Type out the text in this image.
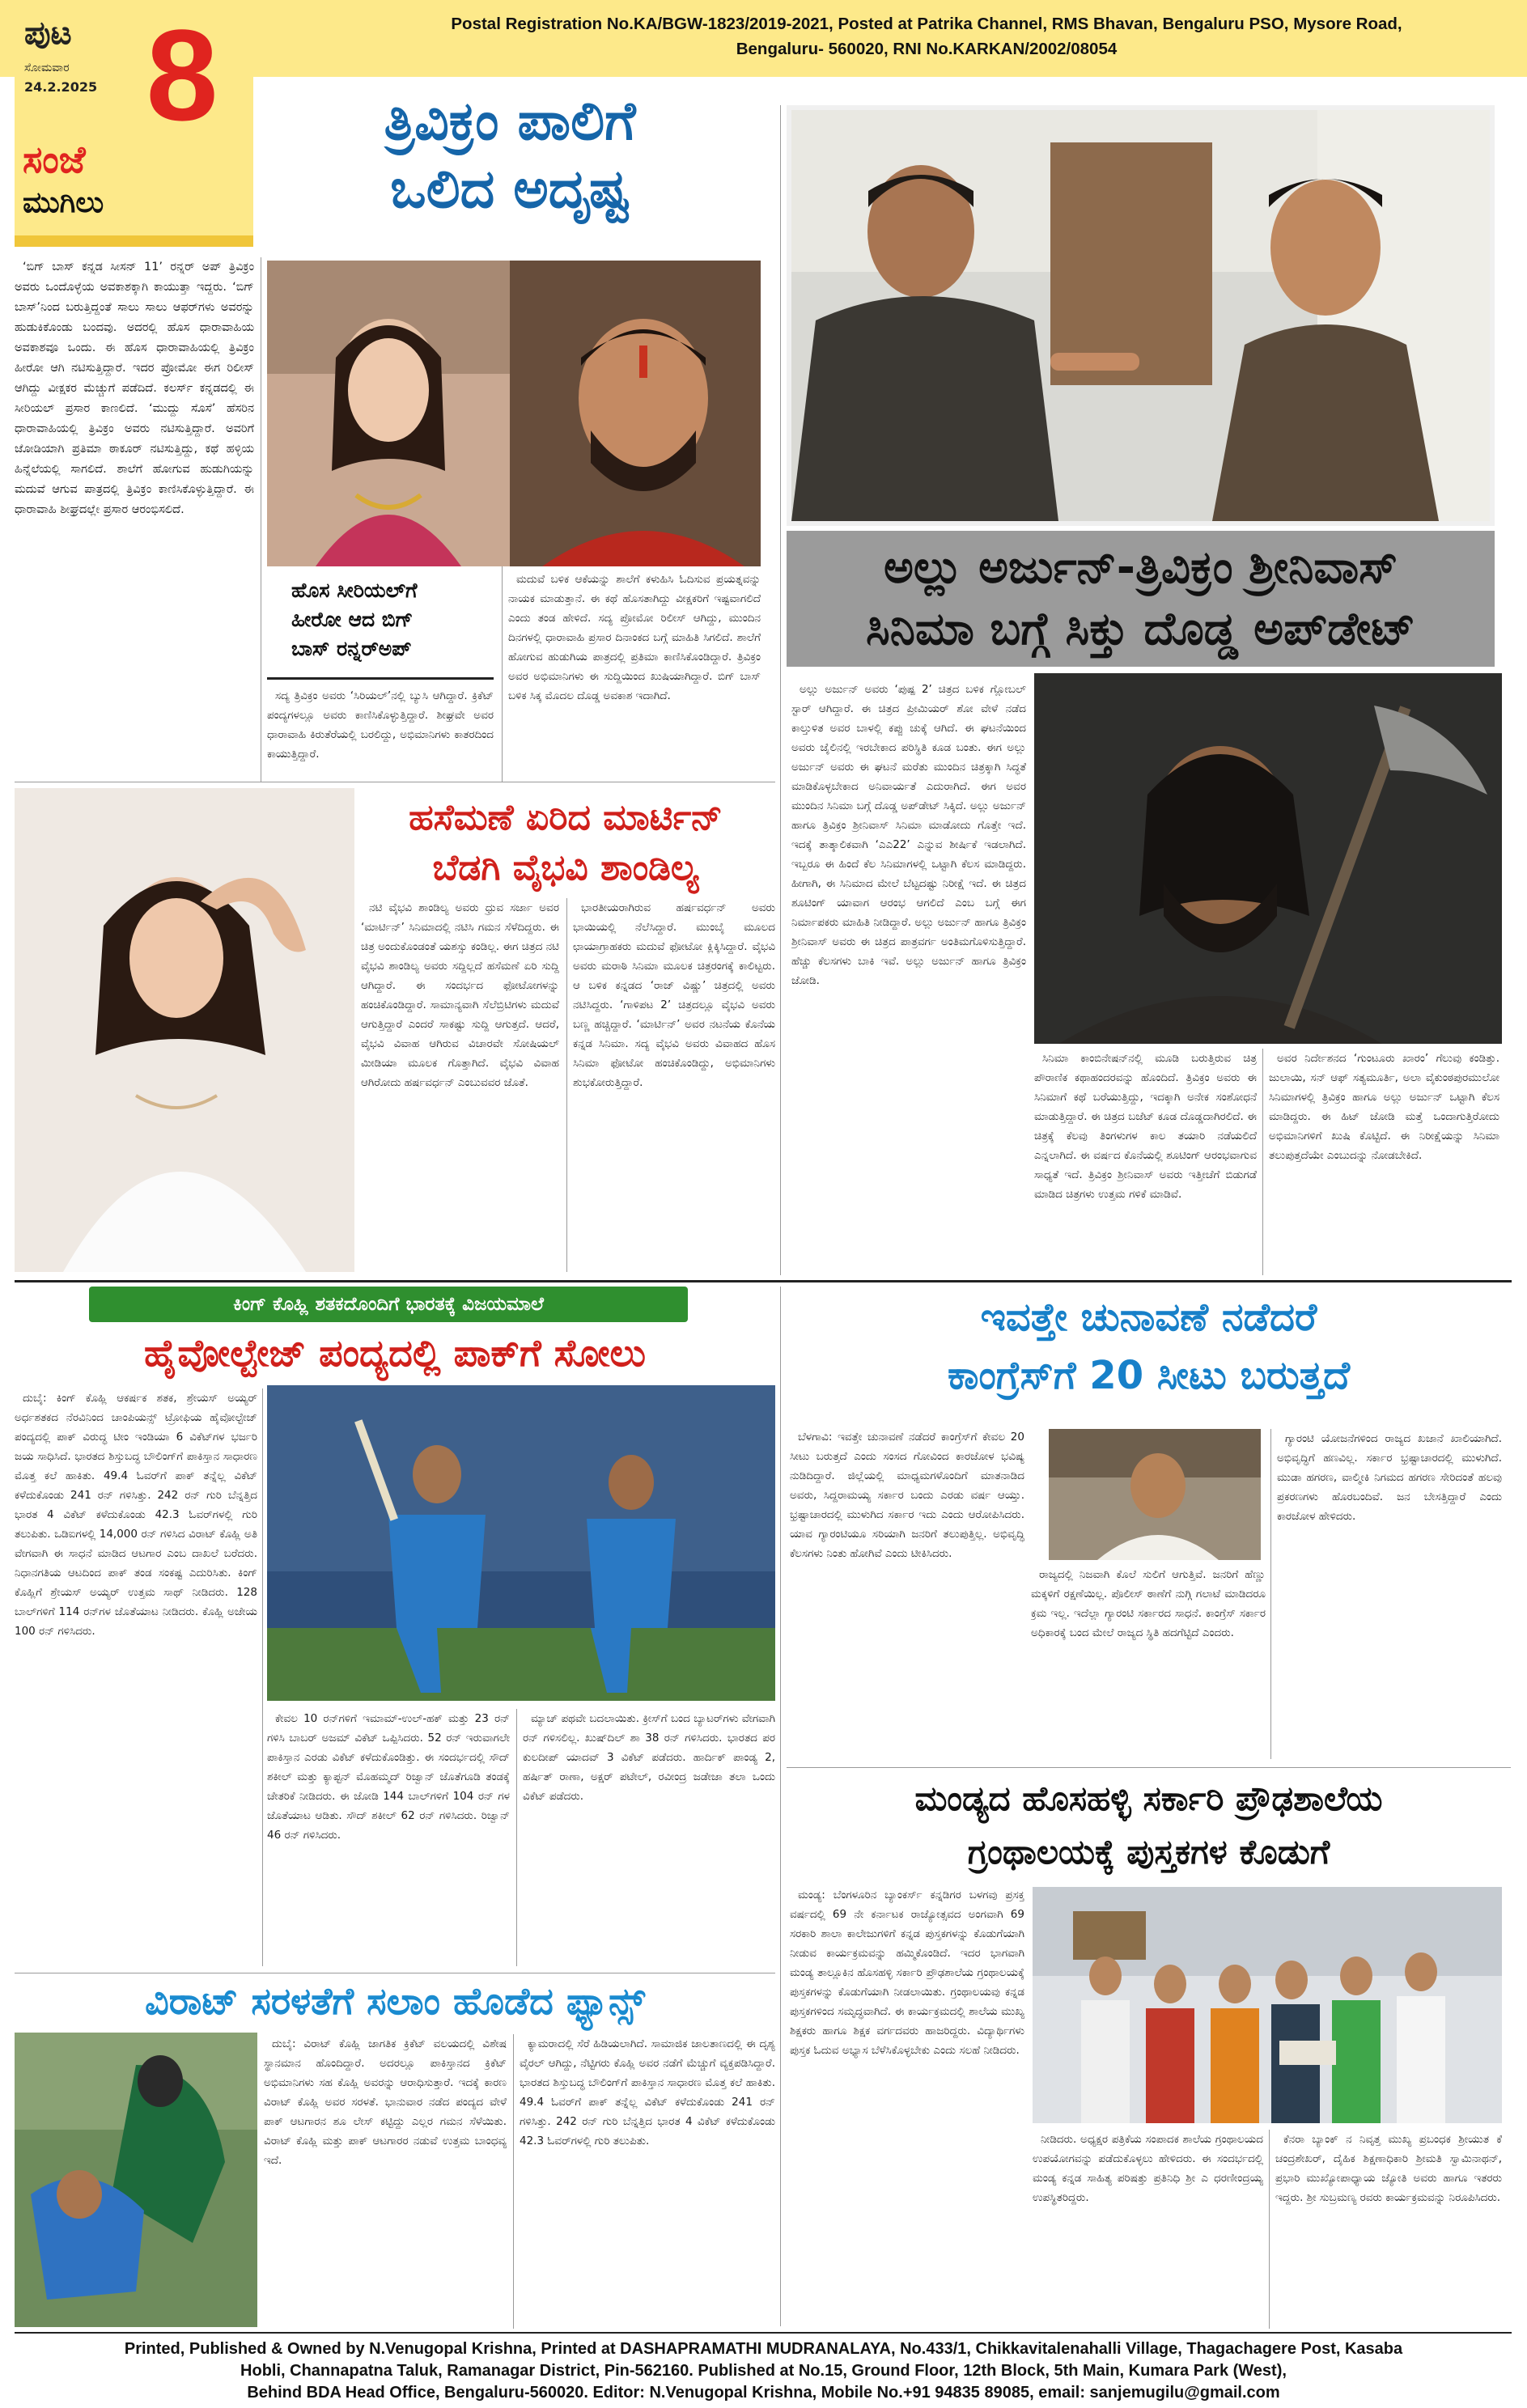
Postal Registration No.KA/BGW-1823/2019-2021, Posted at Patrika Channel, RMS Bhavan, Bengaluru PSO, Mysore Road,
Bengaluru- 560020, RNI No.KARKAN/2002/08054
ಪುಟ
ಸೋಮವಾರ
24.2.2025 8
ಸಂಜೆ
ಮುಗಿಲು
ತ್ರಿವಿಕ್ರಂ ಪಾಲಿಗೆ
ಒಲಿದ ಅದೃಷ್ಟ

‘ಬಿಗ್ ಬಾಸ್ ಕನ್ನಡ ಸೀಸನ್ 11’ ರನ್ನರ್ ಅಪ್ ತ್ರಿವಿಕ್ರಂ ಅವರು ಒಂದೊಳ್ಳೆಯ ಅವಕಾಶಕ್ಕಾಗಿ ಕಾಯುತ್ತಾ ಇದ್ದರು. ‘ಬಿಗ್ ಬಾಸ್’ನಿಂದ ಬರುತ್ತಿದ್ದಂತೆ ಸಾಲು ಸಾಲು ಆಫರ್‌ಗಳು ಅವರನ್ನು ಹುಡುಕಿಕೊಂಡು ಬಂದವು. ಅದರಲ್ಲಿ ಹೊಸ ಧಾರಾವಾಹಿಯ ಅವಕಾಶವೂ ಒಂದು. ಈ ಹೊಸ ಧಾರಾವಾಹಿಯಲ್ಲಿ ತ್ರಿವಿಕ್ರಂ ಹೀರೋ ಆಗಿ ನಟಿಸುತ್ತಿದ್ದಾರೆ. ಇದರ ಪ್ರೋಮೋ ಈಗ ರಿಲೀಸ್ ಆಗಿದ್ದು ವೀಕ್ಷಕರ ಮೆಚ್ಚುಗೆ ಪಡೆದಿದೆ. ಕಲರ್ಸ್ ಕನ್ನಡದಲ್ಲಿ ಈ ಸೀರಿಯಲ್ ಪ್ರಸಾರ ಕಾಣಲಿದೆ. ‘ಮುದ್ದು ಸೊಸೆ’ ಹೆಸರಿನ ಧಾರಾವಾಹಿಯಲ್ಲಿ ತ್ರಿವಿಕ್ರಂ ಅವರು ನಟಿಸುತ್ತಿದ್ದಾರೆ. ಅವರಿಗೆ ಜೋಡಿಯಾಗಿ ಪ್ರತಿಮಾ ಠಾಕೂರ್ ನಟಿಸುತ್ತಿದ್ದು, ಕಥೆ ಹಳ್ಳಿಯ ಹಿನ್ನೆಲೆಯಲ್ಲಿ ಸಾಗಲಿದೆ. ಶಾಲೆಗೆ ಹೋಗುವ ಹುಡುಗಿಯನ್ನು ಮದುವೆ ಆಗುವ ಪಾತ್ರದಲ್ಲಿ ತ್ರಿವಿಕ್ರಂ ಕಾಣಿಸಿಕೊಳ್ಳುತ್ತಿದ್ದಾರೆ. ಈ ಧಾರಾವಾಹಿ ಶೀಘ್ರದಲ್ಲೇ ಪ್ರಸಾರ ಆರಂಭಿಸಲಿದೆ.

ಹೊಸ ಸೀರಿಯಲ್‌ಗೆ
ಹೀರೋ ಆದ ಬಿಗ್
ಬಾಸ್ ರನ್ನರ್‌ಅಪ್

ಸದ್ಯ ತ್ರಿವಿಕ್ರಂ ಅವರು ‘ಸಿರಿಯಲ್’ನಲ್ಲಿ ಬ್ಯುಸಿ ಆಗಿದ್ದಾರೆ. ಕ್ರಿಕೆಟ್ ಪಂದ್ಯಗಳಲ್ಲೂ ಅವರು ಕಾಣಿಸಿಕೊಳ್ಳುತ್ತಿದ್ದಾರೆ. ಶೀಘ್ರವೇ ಅವರ ಧಾರಾವಾಹಿ ಕಿರುತೆರೆಯಲ್ಲಿ ಬರಲಿದ್ದು, ಅಭಿಮಾನಿಗಳು ಕಾತರದಿಂದ ಕಾಯುತ್ತಿದ್ದಾರೆ.

ಮದುವೆ ಬಳಿಕ ಆಕೆಯನ್ನು ಶಾಲೆಗೆ ಕಳುಹಿಸಿ ಓದಿಸುವ ಪ್ರಯತ್ನವನ್ನು ನಾಯಕ ಮಾಡುತ್ತಾನೆ. ಈ ಕಥೆ ಹೊಸತಾಗಿದ್ದು ವೀಕ್ಷಕರಿಗೆ ಇಷ್ಟವಾಗಲಿದೆ ಎಂದು ತಂಡ ಹೇಳಿದೆ. ಸದ್ಯ ಪ್ರೋಮೋ ರಿಲೀಸ್ ಆಗಿದ್ದು, ಮುಂದಿನ ದಿನಗಳಲ್ಲಿ ಧಾರಾವಾಹಿ ಪ್ರಸಾರ ದಿನಾಂಕದ ಬಗ್ಗೆ ಮಾಹಿತಿ ಸಿಗಲಿದೆ. ಶಾಲೆಗೆ ಹೋಗುವ ಹುಡುಗಿಯ ಪಾತ್ರದಲ್ಲಿ ಪ್ರತಿಮಾ ಕಾಣಿಸಿಕೊಂಡಿದ್ದಾರೆ. ತ್ರಿವಿಕ್ರಂ ಅವರ ಅಭಿಮಾನಿಗಳು ಈ ಸುದ್ದಿಯಿಂದ ಖುಷಿಯಾಗಿದ್ದಾರೆ. ಬಿಗ್ ಬಾಸ್ ಬಳಿಕ ಸಿಕ್ಕ ಮೊದಲ ದೊಡ್ಡ ಅವಕಾಶ ಇದಾಗಿದೆ.

ಅಲ್ಲು ಅರ್ಜುನ್-ತ್ರಿವಿಕ್ರಂ ಶ್ರೀನಿವಾಸ್
ಸಿನಿಮಾ ಬಗ್ಗೆ ಸಿಕ್ತು ದೊಡ್ಡ ಅಪ್‌ಡೇಟ್

ಅಲ್ಲು ಅರ್ಜುನ್ ಅವರು ‘ಪುಷ್ಪ 2’ ಚಿತ್ರದ ಬಳಿಕ ಗ್ಲೋಬಲ್ ಸ್ಟಾರ್ ಆಗಿದ್ದಾರೆ. ಈ ಚಿತ್ರದ ಪ್ರೀಮಿಯರ್ ಶೋ ವೇಳೆ ನಡೆದ ಕಾಲ್ತುಳಿತ ಅವರ ಬಾಳಲ್ಲಿ ಕಪ್ಪು ಚುಕ್ಕೆ ಆಗಿದೆ. ಈ ಘಟನೆಯಿಂದ ಅವರು ಜೈಲಿನಲ್ಲಿ ಇರಬೇಕಾದ ಪರಿಸ್ಥಿತಿ ಕೂಡ ಬಂತು. ಈಗ ಅಲ್ಲು ಅರ್ಜುನ್ ಅವರು ಈ ಘಟನೆ ಮರೆತು ಮುಂದಿನ ಚಿತ್ರಕ್ಕಾಗಿ ಸಿದ್ಧತೆ ಮಾಡಿಕೊಳ್ಳಬೇಕಾದ ಅನಿವಾರ್ಯತೆ ಎದುರಾಗಿದೆ. ಈಗ ಅವರ ಮುಂದಿನ ಸಿನಿಮಾ ಬಗ್ಗೆ ದೊಡ್ಡ ಅಪ್‌ಡೇಟ್ ಸಿಕ್ಕಿದೆ. ಅಲ್ಲು ಅರ್ಜುನ್ ಹಾಗೂ ತ್ರಿವಿಕ್ರಂ ಶ್ರೀನಿವಾಸ್ ಸಿನಿಮಾ ಮಾಡೋದು ಗೊತ್ತೇ ಇದೆ. ಇದಕ್ಕೆ ತಾತ್ಕಾಲಿಕವಾಗಿ ‘ಎಎ22’ ಎನ್ನುವ ಶೀರ್ಷಿಕೆ ಇಡಲಾಗಿದೆ. ಇಬ್ಬರೂ ಈ ಹಿಂದೆ ಕೆಲ ಸಿನಿಮಾಗಳಲ್ಲಿ ಒಟ್ಟಾಗಿ ಕೆಲಸ ಮಾಡಿದ್ದರು. ಹೀಗಾಗಿ, ಈ ಸಿನಿಮಾದ ಮೇಲೆ ಬೆಟ್ಟದಷ್ಟು ನಿರೀಕ್ಷೆ ಇದೆ. ಈ ಚಿತ್ರದ ಶೂಟಿಂಗ್ ಯಾವಾಗ ಆರಂಭ ಆಗಲಿದೆ ಎಂಬ ಬಗ್ಗೆ ಈಗ ನಿರ್ಮಾಪಕರು ಮಾಹಿತಿ ನೀಡಿದ್ದಾರೆ. ಅಲ್ಲು ಅರ್ಜುನ್ ಹಾಗೂ ತ್ರಿವಿಕ್ರಂ ಶ್ರೀನಿವಾಸ್ ಅವರು ಈ ಚಿತ್ರದ ಪಾತ್ರವರ್ಗ ಅಂತಿಮಗೊಳಿಸುತ್ತಿದ್ದಾರೆ. ಹೆಚ್ಚು ಕೆಲಸಗಳು ಬಾಕಿ ಇವೆ. ಅಲ್ಲು ಅರ್ಜುನ್ ಹಾಗೂ ತ್ರಿವಿಕ್ರಂ ಜೋಡಿ.

ಸಿನಿಮಾ ಕಾಂಬಿನೇಷನ್‌ನಲ್ಲಿ ಮೂಡಿ ಬರುತ್ತಿರುವ ಚಿತ್ರ ಪೌರಾಣಿಕ ಕಥಾಹಂದರವನ್ನು ಹೊಂದಿದೆ. ತ್ರಿವಿಕ್ರಂ ಅವರು ಈ ಸಿನಿಮಾಗೆ ಕಥೆ ಬರೆಯುತ್ತಿದ್ದು, ಇದಕ್ಕಾಗಿ ಅನೇಕ ಸಂಶೋಧನೆ ಮಾಡುತ್ತಿದ್ದಾರೆ. ಈ ಚಿತ್ರದ ಬಜೆಟ್ ಕೂಡ ದೊಡ್ಡದಾಗಿರಲಿದೆ. ಈ ಚಿತ್ರಕ್ಕೆ ಕೆಲವು ತಿಂಗಳುಗಳ ಕಾಲ ತಯಾರಿ ನಡೆಯಲಿದೆ ಎನ್ನಲಾಗಿದೆ. ಈ ವರ್ಷದ ಕೊನೆಯಲ್ಲಿ ಶೂಟಿಂಗ್ ಆರಂಭವಾಗುವ ಸಾಧ್ಯತೆ ಇದೆ. ತ್ರಿವಿಕ್ರಂ ಶ್ರೀನಿವಾಸ್ ಅವರು ಇತ್ತೀಚೆಗೆ ಬಿಡುಗಡೆ ಮಾಡಿದ ಚಿತ್ರಗಳು ಉತ್ತಮ ಗಳಿಕೆ ಮಾಡಿವೆ.

ಅವರ ನಿರ್ದೇಶನದ ‘ಗುಂಟೂರು ಖಾರಂ’ ಗೆಲುವು ಕಂಡಿತ್ತು. ಜುಲಾಯಿ, ಸನ್ ಆಫ್ ಸತ್ಯಮೂರ್ತಿ, ಅಲಾ ವೈಕುಂಠಪುರಮುಲೋ ಸಿನಿಮಾಗಳಲ್ಲಿ ತ್ರಿವಿಕ್ರಂ ಹಾಗೂ ಅಲ್ಲು ಅರ್ಜುನ್ ಒಟ್ಟಾಗಿ ಕೆಲಸ ಮಾಡಿದ್ದರು. ಈ ಹಿಟ್ ಜೋಡಿ ಮತ್ತೆ ಒಂದಾಗುತ್ತಿರೋದು ಅಭಿಮಾನಿಗಳಿಗೆ ಖುಷಿ ಕೊಟ್ಟಿದೆ. ಈ ನಿರೀಕ್ಷೆಯನ್ನು ಸಿನಿಮಾ ತಲುಪುತ್ತದೆಯೇ ಎಂಬುದನ್ನು ನೋಡಬೇಕಿದೆ.

ಹಸೆಮಣೆ ಏರಿದ ಮಾರ್ಟಿನ್
ಬೆಡಗಿ ವೈಭವಿ ಶಾಂಡಿಲ್ಯ

ನಟಿ ವೈಭವಿ ಶಾಂಡಿಲ್ಯ ಅವರು ಧ್ರುವ ಸರ್ಜಾ ಅವರ ‘ಮಾರ್ಟಿನ್’ ಸಿನಿಮಾದಲ್ಲಿ ನಟಿಸಿ ಗಮನ ಸೆಳೆದಿದ್ದರು. ಈ ಚಿತ್ರ ಅಂದುಕೊಂಡಂತೆ ಯಶಸ್ಸು ಕಂಡಿಲ್ಲ. ಈಗ ಚಿತ್ರದ ನಟಿ ವೈಭವಿ ಶಾಂಡಿಲ್ಯ ಅವರು ಸದ್ದಿಲ್ಲದೆ ಹಸೆಮಣೆ ಏರಿ ಸುದ್ದಿ ಆಗಿದ್ದಾರೆ. ಈ ಸಂದರ್ಭದ ಫೋಟೋಗಳನ್ನು ಹಂಚಿಕೊಂಡಿದ್ದಾರೆ. ಸಾಮಾನ್ಯವಾಗಿ ಸೆಲೆಬ್ರಿಟಿಗಳು ಮದುವೆ ಆಗುತ್ತಿದ್ದಾರೆ ಎಂದರೆ ಸಾಕಷ್ಟು ಸುದ್ದಿ ಆಗುತ್ತದೆ. ಆದರೆ, ವೈಭವಿ ವಿವಾಹ ಆಗಿರುವ ವಿಚಾರವೇ ಸೋಷಿಯಲ್ ಮೀಡಿಯಾ ಮೂಲಕ ಗೊತ್ತಾಗಿದೆ. ವೈಭವಿ ವಿವಾಹ ಆಗಿರೋದು ಹರ್ಷವರ್ಧನ್ ಎಂಬುವವರ ಜೊತೆ.

ಭಾರತೀಯರಾಗಿರುವ ಹರ್ಷವರ್ಧನ್ ಅವರು ಭಾಯಿಯಲ್ಲಿ ನೆಲೆಸಿದ್ದಾರೆ. ಮುಂಬೈ ಮೂಲದ ಛಾಯಾಗ್ರಾಹಕರು ಮದುವೆ ಫೋಟೋ ಕ್ಲಿಕ್ಕಿಸಿದ್ದಾರೆ. ವೈಭವಿ ಅವರು ಮರಾಠಿ ಸಿನಿಮಾ ಮೂಲಕ ಚಿತ್ರರಂಗಕ್ಕೆ ಕಾಲಿಟ್ಟರು. ಆ ಬಳಿಕ ಕನ್ನಡದ ‘ರಾಜ್ ವಿಷ್ಣು’ ಚಿತ್ರದಲ್ಲಿ ಅವರು ನಟಿಸಿದ್ದರು. ‘ಗಾಳಿಪಟ 2’ ಚಿತ್ರದಲ್ಲೂ ವೈಭವಿ ಅವರು ಬಣ್ಣ ಹಚ್ಚಿದ್ದಾರೆ. ‘ಮಾರ್ಟಿನ್’ ಅವರ ನಟನೆಯ ಕೊನೆಯ ಕನ್ನಡ ಸಿನಿಮಾ. ಸದ್ಯ ವೈಭವಿ ಅವರು ವಿವಾಹದ ಹೊಸ ಸಿನಿಮಾ ಫೋಟೋ ಹಂಚಿಕೊಂಡಿದ್ದು, ಅಭಿಮಾನಿಗಳು ಶುಭಕೋರುತ್ತಿದ್ದಾರೆ.

ಕಿಂಗ್ ಕೊಹ್ಲಿ ಶತಕದೊಂದಿಗೆ ಭಾರತಕ್ಕೆ ವಿಜಯಮಾಲೆ
ಹೈವೋಲ್ಟೇಜ್ ಪಂದ್ಯದಲ್ಲಿ ಪಾಕ್‌ಗೆ ಸೋಲು

ದುಬೈ: ಕಿಂಗ್ ಕೊಹ್ಲಿ ಆಕರ್ಷಕ ಶತಕ, ಶ್ರೇಯಸ್ ಅಯ್ಯರ್ ಅರ್ಧಶತಕದ ನೆರವಿನಿಂದ ಚಾಂಪಿಯನ್ಸ್ ಟ್ರೋಫಿಯ ಹೈವೋಲ್ಟೇಜ್ ಪಂದ್ಯದಲ್ಲಿ ಪಾಕ್ ವಿರುದ್ಧ ಟೀಂ ಇಂಡಿಯಾ 6 ವಿಕೆಟ್‌ಗಳ ಭರ್ಜರಿ ಜಯ ಸಾಧಿಸಿದೆ. ಭಾರತದ ಶಿಸ್ತುಬದ್ಧ ಬೌಲಿಂಗ್‌ಗೆ ಪಾಕಿಸ್ತಾನ ಸಾಧಾರಣ ಮೊತ್ತ ಕಲೆ ಹಾಕಿತು. 49.4 ಓವರ್‌ಗೆ ಪಾಕ್ ತನ್ನೆಲ್ಲ ವಿಕೆಟ್ ಕಳೆದುಕೊಂಡು 241 ರನ್ ಗಳಿಸಿತ್ತು. 242 ರನ್ ಗುರಿ ಬೆನ್ನತ್ತಿದ ಭಾರತ 4 ವಿಕೆಟ್ ಕಳೆದುಕೊಂಡು 42.3 ಓವರ್‌ಗಳಲ್ಲಿ ಗುರಿ ತಲುಪಿತು. ಒಡಿಐಗಳಲ್ಲಿ 14,000 ರನ್ ಗಳಿಸಿದ ವಿರಾಟ್ ಕೊಹ್ಲಿ ಅತಿ ವೇಗವಾಗಿ ಈ ಸಾಧನೆ ಮಾಡಿದ ಆಟಗಾರ ಎಂಬ ದಾಖಲೆ ಬರೆದರು. ನಿಧಾನಗತಿಯ ಆಟದಿಂದ ಪಾಕ್ ತಂಡ ಸಂಕಷ್ಟ ಎದುರಿಸಿತು. ಕಿಂಗ್ ಕೊಹ್ಲಿಗೆ ಶ್ರೇಯಸ್ ಅಯ್ಯರ್ ಉತ್ತಮ ಸಾಥ್ ನೀಡಿದರು. 128 ಬಾಲ್‌ಗಳಿಗೆ 114 ರನ್‌ಗಳ ಜೊತೆಯಾಟ ನೀಡಿದರು. ಕೊಹ್ಲಿ ಅಜೇಯ 100 ರನ್ ಗಳಿಸಿದರು.

ಕೇವಲ 10 ರನ್‌ಗಳಿಗೆ ಇಮಾಮ್-ಉಲ್-ಹಕ್ ಮತ್ತು 23 ರನ್ ಗಳಿಸಿ ಬಾಬರ್ ಅಜಮ್ ವಿಕೆಟ್ ಒಪ್ಪಿಸಿದರು. 52 ರನ್ ಇರುವಾಗಲೇ ಪಾಕಿಸ್ತಾನ ಎರಡು ವಿಕೆಟ್ ಕಳೆದುಕೊಂಡಿತ್ತು. ಈ ಸಂದರ್ಭದಲ್ಲಿ ಸೌದ್ ಶಕೀಲ್ ಮತ್ತು ಕ್ಯಾಪ್ಟನ್ ಮೊಹಮ್ಮದ್ ರಿಜ್ವಾನ್ ಜೊತೆಗೂಡಿ ತಂಡಕ್ಕೆ ಚೇತರಿಕೆ ನೀಡಿದರು. ಈ ಜೋಡಿ 144 ಬಾಲ್‌ಗಳಿಗೆ 104 ರನ್ ಗಳ ಜೊತೆಯಾಟ ಆಡಿತು. ಸೌದ್ ಶಕೀಲ್ 62 ರನ್ ಗಳಿಸಿದರು. ರಿಜ್ವಾನ್ 46 ರನ್ ಗಳಿಸಿದರು.

ಮ್ಯಾಚ್ ಪಥವೇ ಬದಲಾಯಿತು. ಕ್ರೀಸ್‌ಗೆ ಬಂದ ಬ್ಯಾಟರ್‌ಗಳು ವೇಗವಾಗಿ ರನ್ ಗಳಿಸಲಿಲ್ಲ. ಖುಷ್‌ದಿಲ್ ಶಾ 38 ರನ್ ಗಳಿಸಿದರು. ಭಾರತದ ಪರ ಕುಲದೀಪ್ ಯಾದವ್ 3 ವಿಕೆಟ್ ಪಡೆದರು. ಹಾರ್ದಿಕ್ ಪಾಂಡ್ಯ 2, ಹರ್ಷಿತ್ ರಾಣಾ, ಅಕ್ಷರ್ ಪಟೇಲ್, ರವೀಂದ್ರ ಜಡೇಜಾ ತಲಾ ಒಂದು ವಿಕೆಟ್ ಪಡೆದರು.

ಇವತ್ತೇ ಚುನಾವಣೆ ನಡೆದರೆ
ಕಾಂಗ್ರೆಸ್‌ಗೆ 20 ಸೀಟು ಬರುತ್ತದೆ

ಬೆಳಗಾವಿ: ಇವತ್ತೇ ಚುನಾವಣೆ ನಡೆದರೆ ಕಾಂಗ್ರೆಸ್‌ಗೆ ಕೇವಲ 20 ಸೀಟು ಬರುತ್ತದೆ ಎಂದು ಸಂಸದ ಗೋವಿಂದ ಕಾರಜೋಳ ಭವಿಷ್ಯ ನುಡಿದಿದ್ದಾರೆ. ಜಿಲ್ಲೆಯಲ್ಲಿ ಮಾಧ್ಯಮಗಳೊಂದಿಗೆ ಮಾತನಾಡಿದ ಅವರು, ಸಿದ್ದರಾಮಯ್ಯ ಸರ್ಕಾರ ಬಂದು ಎರಡು ವರ್ಷ ಆಯ್ತು. ಭ್ರಷ್ಟಾಚಾರದಲ್ಲಿ ಮುಳುಗಿದ ಸರ್ಕಾರ ಇದು ಎಂದು ಆರೋಪಿಸಿದರು. ಯಾವ ಗ್ಯಾರಂಟಿಯೂ ಸರಿಯಾಗಿ ಜನರಿಗೆ ತಲುಪುತ್ತಿಲ್ಲ. ಅಭಿವೃದ್ಧಿ ಕೆಲಸಗಳು ನಿಂತು ಹೋಗಿವೆ ಎಂದು ಟೀಕಿಸಿದರು.

ರಾಜ್ಯದಲ್ಲಿ ನಿಜವಾಗಿ ಕೊಲೆ ಸುಲಿಗೆ ಆಗುತ್ತಿವೆ. ಜನರಿಗೆ ಹೆಣ್ಣು ಮಕ್ಕಳಿಗೆ ರಕ್ಷಣೆಯಿಲ್ಲ. ಪೊಲೀಸ್ ಠಾಣೆಗೆ ನುಗ್ಗಿ ಗಲಾಟೆ ಮಾಡಿದರೂ ಕ್ರಮ ಇಲ್ಲ. ಇದೆಲ್ಲಾ ಗ್ಯಾರಂಟಿ ಸರ್ಕಾರದ ಸಾಧನೆ. ಕಾಂಗ್ರೆಸ್ ಸರ್ಕಾರ ಅಧಿಕಾರಕ್ಕೆ ಬಂದ ಮೇಲೆ ರಾಜ್ಯದ ಸ್ಥಿತಿ ಹದಗೆಟ್ಟಿದೆ ಎಂದರು.

ಗ್ಯಾರಂಟಿ ಯೋಜನೆಗಳಿಂದ ರಾಜ್ಯದ ಖಜಾನೆ ಖಾಲಿಯಾಗಿದೆ. ಅಭಿವೃದ್ಧಿಗೆ ಹಣವಿಲ್ಲ. ಸರ್ಕಾರ ಭ್ರಷ್ಟಾಚಾರದಲ್ಲಿ ಮುಳುಗಿದೆ. ಮುಡಾ ಹಗರಣ, ವಾಲ್ಮೀಕಿ ನಿಗಮದ ಹಗರಣ ಸೇರಿದಂತೆ ಹಲವು ಪ್ರಕರಣಗಳು ಹೊರಬಂದಿವೆ. ಜನ ಬೇಸತ್ತಿದ್ದಾರೆ ಎಂದು ಕಾರಜೋಳ ಹೇಳಿದರು.

ಮಂಡ್ಯದ ಹೊಸಹಳ್ಳಿ ಸರ್ಕಾರಿ ಪ್ರೌಢಶಾಲೆಯ
ಗ್ರಂಥಾಲಯಕ್ಕೆ ಪುಸ್ತಕಗಳ ಕೊಡುಗೆ

ಮಂಡ್ಯ: ಬೆಂಗಳೂರಿನ ಬ್ಯಾಂಕರ್ಸ್ ಕನ್ನಡಿಗರ ಬಳಗವು ಪ್ರಸಕ್ತ ವರ್ಷದಲ್ಲಿ 69 ನೇ ಕರ್ನಾಟಕ ರಾಜ್ಯೋತ್ಸವದ ಅಂಗವಾಗಿ 69 ಸರಕಾರಿ ಶಾಲಾ ಕಾಲೇಜುಗಳಿಗೆ ಕನ್ನಡ ಪುಸ್ತಕಗಳನ್ನು ಕೊಡುಗೆಯಾಗಿ ನೀಡುವ ಕಾರ್ಯಕ್ರಮವನ್ನು ಹಮ್ಮಿಕೊಂಡಿದೆ. ಇದರ ಭಾಗವಾಗಿ ಮಂಡ್ಯ ತಾಲ್ಲೂಕಿನ ಹೊಸಹಳ್ಳಿ ಸರ್ಕಾರಿ ಪ್ರೌಢಶಾಲೆಯ ಗ್ರಂಥಾಲಯಕ್ಕೆ ಪುಸ್ತಕಗಳನ್ನು ಕೊಡುಗೆಯಾಗಿ ನೀಡಲಾಯಿತು. ಗ್ರಂಥಾಲಯವು ಕನ್ನಡ ಪುಸ್ತಕಗಳಿಂದ ಸಮೃದ್ಧವಾಗಿದೆ. ಈ ಕಾರ್ಯಕ್ರಮದಲ್ಲಿ ಶಾಲೆಯ ಮುಖ್ಯ ಶಿಕ್ಷಕರು ಹಾಗೂ ಶಿಕ್ಷಕ ವರ್ಗದವರು ಹಾಜರಿದ್ದರು. ವಿದ್ಯಾರ್ಥಿಗಳು ಪುಸ್ತಕ ಓದುವ ಅಭ್ಯಾಸ ಬೆಳೆಸಿಕೊಳ್ಳಬೇಕು ಎಂದು ಸಲಹೆ ನೀಡಿದರು.

ನೀಡಿದರು. ಅಧ್ಯಕ್ಷರ ಪತ್ರಿಕೆಯ ಸಂಪಾದಕ ಶಾಲೆಯ ಗ್ರಂಥಾಲಯದ ಉಪಯೋಗವನ್ನು ಪಡೆದುಕೊಳ್ಳಲು ಹೇಳಿದರು. ಈ ಸಂದರ್ಭದಲ್ಲಿ ಮಂಡ್ಯ ಕನ್ನಡ ಸಾಹಿತ್ಯ ಪರಿಷತ್ತು ಪ್ರತಿನಿಧಿ ಶ್ರೀ ಎ ಧರಣೀಂದ್ರಯ್ಯ ಉಪಸ್ಥಿತರಿದ್ದರು.

ಕೆನರಾ ಬ್ಯಾಂಕ್ ನ ನಿವೃತ್ತ ಮುಖ್ಯ ಪ್ರಬಂಧಕ ಶ್ರೀಯುತ ಕೆ ಚಂದ್ರಶೇಖರ್, ದೈಹಿಕ ಶಿಕ್ಷಣಾಧಿಕಾರಿ ಶ್ರೀಮತಿ ಸ್ವಾಮಿನಾಥನ್, ಪ್ರಭಾರಿ ಮುಖ್ಯೋಪಾಧ್ಯಾಯ ಜ್ಯೋತಿ ಅವರು ಹಾಗೂ ಇತರರು ಇದ್ದರು. ಶ್ರೀ ಸುಬ್ರಮಣ್ಯ ರವರು ಕಾರ್ಯಕ್ರಮವನ್ನು ನಿರೂಪಿಸಿದರು.

ವಿರಾಟ್ ಸರಳತೆಗೆ ಸಲಾಂ ಹೊಡೆದ ಫ್ಯಾನ್ಸ್

ದುಬೈ: ವಿರಾಟ್ ಕೊಹ್ಲಿ ಜಾಗತಿಕ ಕ್ರಿಕೆಟ್ ವಲಯದಲ್ಲಿ ವಿಶೇಷ ಸ್ಥಾನಮಾನ ಹೊಂದಿದ್ದಾರೆ. ಅದರಲ್ಲೂ ಪಾಕಿಸ್ತಾನದ ಕ್ರಿಕೆಟ್ ಅಭಿಮಾನಿಗಳು ಸಹ ಕೊಹ್ಲಿ ಅವರನ್ನು ಆರಾಧಿಸುತ್ತಾರೆ. ಇದಕ್ಕೆ ಕಾರಣ ವಿರಾಟ್ ಕೊಹ್ಲಿ ಅವರ ಸರಳತೆ. ಭಾನುವಾರ ನಡೆದ ಪಂದ್ಯದ ವೇಳೆ ಪಾಕ್ ಆಟಗಾರನ ಶೂ ಲೇಸ್ ಕಟ್ಟಿದ್ದು ಎಲ್ಲರ ಗಮನ ಸೆಳೆಯಿತು. ವಿರಾಟ್ ಕೊಹ್ಲಿ ಮತ್ತು ಪಾಕ್ ಆಟಗಾರರ ನಡುವೆ ಉತ್ತಮ ಬಾಂಧವ್ಯ ಇದೆ.

ಕ್ಯಾಮರಾದಲ್ಲಿ ಸೆರೆ ಹಿಡಿಯಲಾಗಿದೆ. ಸಾಮಾಜಿಕ ಜಾಲತಾಣದಲ್ಲಿ ಈ ದೃಶ್ಯ ವೈರಲ್ ಆಗಿದ್ದು, ನೆಟ್ಟಿಗರು ಕೊಹ್ಲಿ ಅವರ ನಡೆಗೆ ಮೆಚ್ಚುಗೆ ವ್ಯಕ್ತಪಡಿಸಿದ್ದಾರೆ. ಭಾರತದ ಶಿಸ್ತುಬದ್ಧ ಬೌಲಿಂಗ್‌ಗೆ ಪಾಕಿಸ್ತಾನ ಸಾಧಾರಣ ಮೊತ್ತ ಕಲೆ ಹಾಕಿತು. 49.4 ಓವರ್‌ಗೆ ಪಾಕ್ ತನ್ನೆಲ್ಲ ವಿಕೆಟ್ ಕಳೆದುಕೊಂಡು 241 ರನ್ ಗಳಿಸಿತ್ತು. 242 ರನ್ ಗುರಿ ಬೆನ್ನತ್ತಿದ ಭಾರತ 4 ವಿಕೆಟ್ ಕಳೆದುಕೊಂಡು 42.3 ಓವರ್‌ಗಳಲ್ಲಿ ಗುರಿ ತಲುಪಿತು.

Printed, Published & Owned by N.Venugopal Krishna, Printed at DASHAPRAMATHI MUDRANALAYA, No.433/1, Chikkavitalenahalli Village, Thagachagere Post, Kasaba
Hobli, Channapatna Taluk, Ramanagar District, Pin-562160. Published at No.15, Ground Floor, 12th Block, 5th Main, Kumara Park (West),
Behind BDA Head Office, Bengaluru-560020. Editor: N.Venugopal Krishna, Mobile No.+91 94835 89085, email: sanjemugilu@gmail.com
